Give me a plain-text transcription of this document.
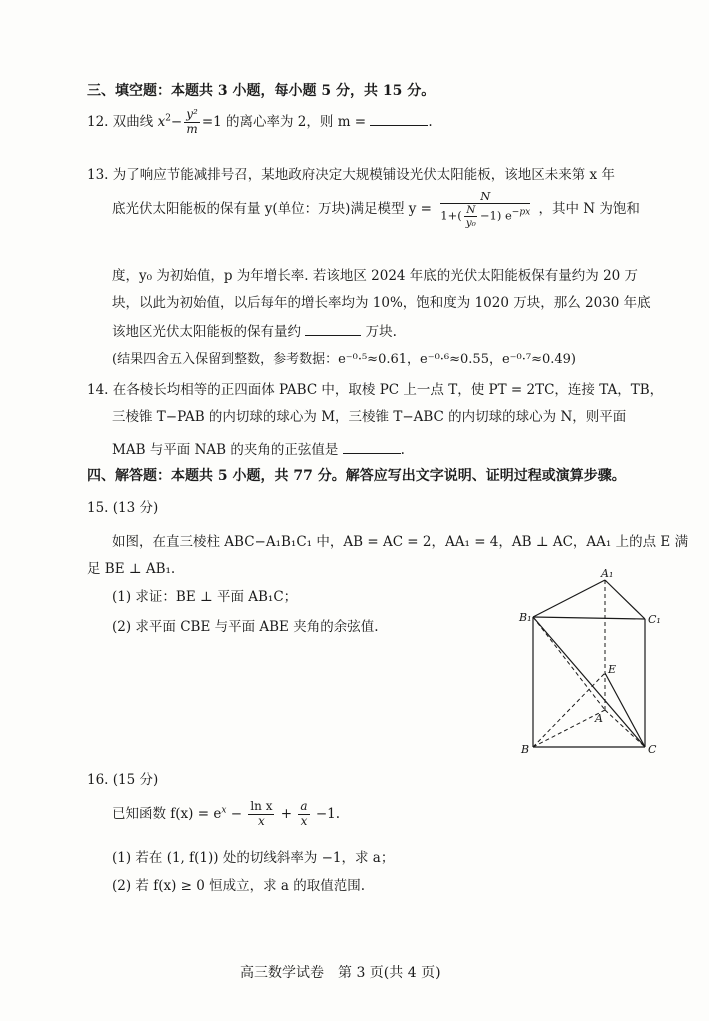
三、填空题：本题共 3 小题，每小题 5 分，共 15 分。
12. 双曲线 $x^2- \frac{\text{y²}}{m} =1$ 的离心率为 2，则 m =	.
13. 为了响应节能减排号召，某地政府决定大规模铺设光伏太阳能板，该地区未来第 x 年
底光伏太阳能板的保有量 y(单位：万块)满足模型 $y = \frac{N}{1+( \frac{N}{\text{y₀}} -1) e^{-px}}$ ，其中 N 为饱和
度，y₀ 为初始值，p 为年增长率. 若该地区 2024 年底的光伏太阳能板保有量约为 20 万
块，以此为初始值，以后每年的增长率均为 10%，饱和度为 1020 万块，那么 2030 年底
该地区光伏太阳能板的保有量约	万块.
(结果四舍五入保留到整数，参考数据：e⁻⁰·⁵≈0.61，e⁻⁰·⁶≈0.55，e⁻⁰·⁷≈0.49)
14. 在各棱长均相等的正四面体 PABC 中，取棱 PC 上一点 T，使 PT = 2TC，连接 TA，TB，
三棱锥 T−PAB 的内切球的球心为 M，三棱锥 T−ABC 的内切球的球心为 N，则平面
MAB 与平面 NAB 的夹角的正弦值是	.
四、解答题：本题共 5 小题，共 77 分。解答应写出文字说明、证明过程或演算步骤。
15. (13 分)
如图，在直三棱柱 ABC−A₁B₁C₁ 中，AB = AC = 2，AA₁ = 4，AB ⊥ AC，AA₁ 上的点 E 满
足 BE ⊥ AB₁.
(1) 求证：BE ⊥ 平面 AB₁C；
(2) 求平面 CBE 与平面 ABE 夹角的余弦值.
A₁
B₁	C₁
E
A
B	C
16. (15 分)
已知函数 $f(x) = e^x - \frac{\text{ln x}}{x} + \frac{a}{x} -1$.
(1) 若在 (1, f(1)) 处的切线斜率为 −1，求 a；
(2) 若 f(x) ≥ 0 恒成立，求 a 的取值范围.
高三数学试卷　第 3 页(共 4 页)
